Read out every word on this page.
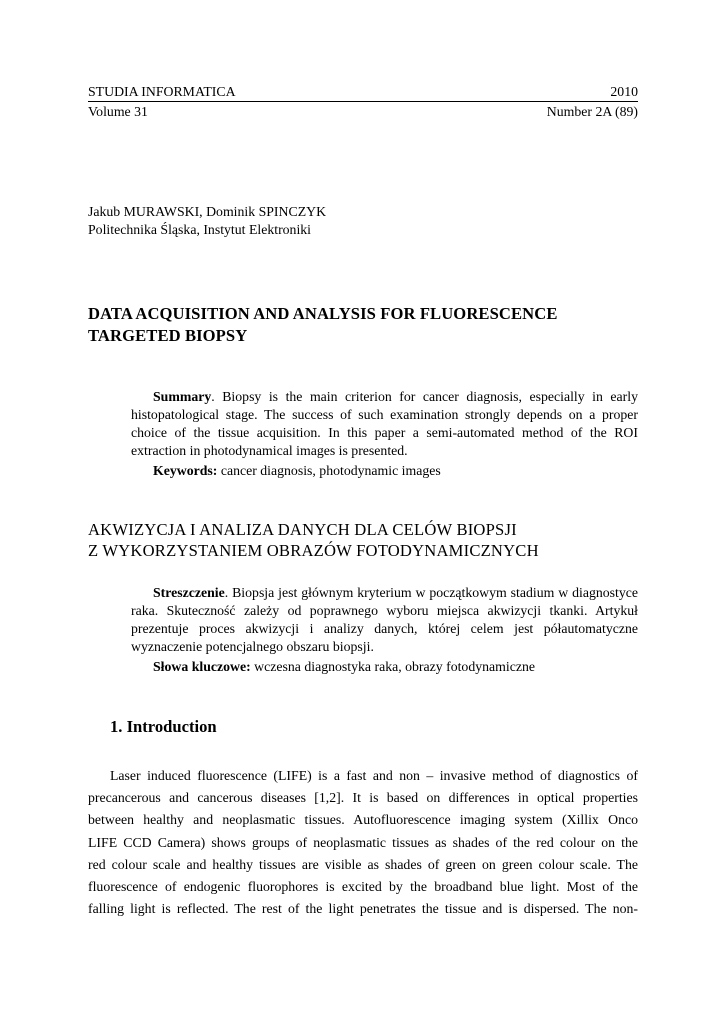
STUDIA INFORMATICA	2010
Volume 31	Number 2A (89)
Jakub MURAWSKI, Dominik SPINCZYK
Politechnika Śląska, Instytut Elektroniki
DATA ACQUISITION AND ANALYSIS FOR FLUORESCENCE
TARGETED BIOPSY

Summary. Biopsy is the main criterion for cancer diagnosis, especially in early histopatological stage. The success of such examination strongly depends on a proper choice of the tissue acquisition. In this paper a semi-automated method of the ROI extraction in photodynamical images is presented.

Keywords: cancer diagnosis, photodynamic images

AKWIZYCJA I ANALIZA DANYCH DLA CELÓW BIOPSJI
Z WYKORZYSTANIEM OBRAZÓW FOTODYNAMICZNYCH

Streszczenie. Biopsja jest głównym kryterium w początkowym stadium w diagnostyce raka. Skuteczność zależy od poprawnego wyboru miejsca akwizycji tkanki. Artykuł prezentuje proces akwizycji i analizy danych, której celem jest półautomatyczne wyznaczenie potencjalnego obszaru biopsji.

Słowa kluczowe: wczesna diagnostyka raka, obrazy fotodynamiczne

1. Introduction
Laser induced fluorescence (LIFE) is a fast and non – invasive method of diagnostics of
precancerous and cancerous diseases [1,2]. It is based on differences in optical properties
between healthy and neoplasmatic tissues. Autofluorescence imaging system (Xillix Onco
LIFE CCD Camera) shows groups of neoplasmatic tissues as shades of the red colour on the
red colour scale and healthy tissues are visible as shades of green on green colour scale. The
fluorescence of endogenic fluorophores is excited by the broadband blue light. Most of the
falling light is reflected. The rest of the light penetrates the tissue and is dispersed. The non-
